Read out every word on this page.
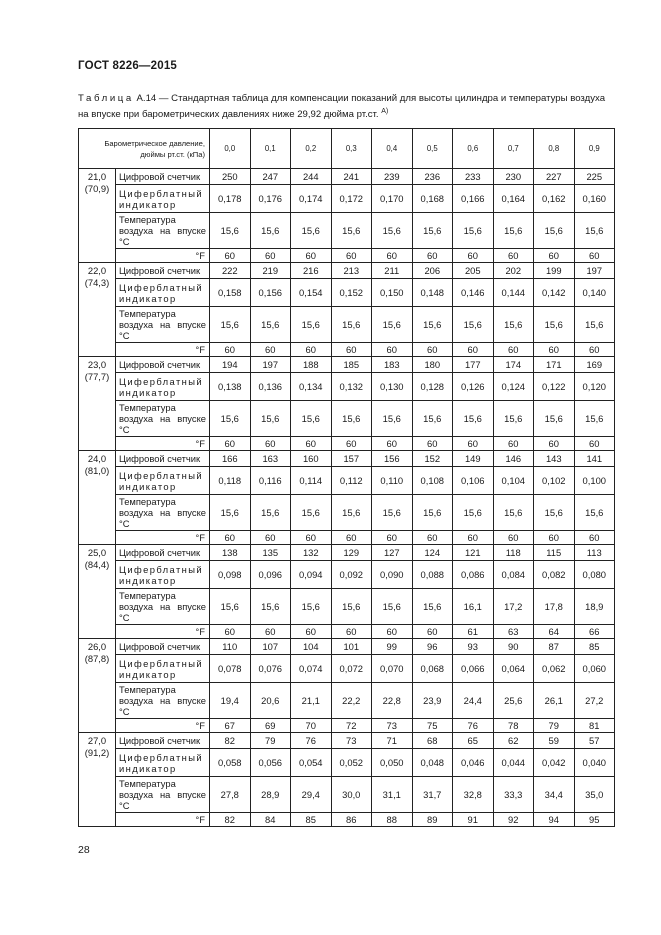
ГОСТ 8226—2015
Таблица А.14 — Стандартная таблица для компенсации показаний для высоты цилиндра и температуры воздуха на впуске при барометрических давлениях ниже 29,92 дюйма рт.ст. $^{А)}$
Барометрическое давление, дюймы рт.ст. (кПа)		0,0	0,1	0,2	0,3	0,4	0,5	0,6	0,7	0,8	0,9

21,0
(70,9)	Цифровой счетчик	250	247	244	241	239	236	233	230	227	225
	Циферблатный индикатор	0,178	0,176	0,174	0,172	0,170	0,168	0,166	0,164	0,162	0,160
	Температура воздуха на впуске °С	15,6	15,6	15,6	15,6	15,6	15,6	15,6	15,6	15,6	15,6
	°F	60	60	60	60	60	60	60	60	60	60

22,0
(74,3)	Цифровой счетчик	222	219	216	213	211	206	205	202	199	197
	Циферблатный индикатор	0,158	0,156	0,154	0,152	0,150	0,148	0,146	0,144	0,142	0,140
	Температура воздуха на впуске °С	15,6	15,6	15,6	15,6	15,6	15,6	15,6	15,6	15,6	15,6
	°F	60	60	60	60	60	60	60	60	60	60

23,0
(77,7)	Цифровой счетчик	194	197	188	185	183	180	177	174	171	169
	Циферблатный индикатор	0,138	0,136	0,134	0,132	0,130	0,128	0,126	0,124	0,122	0,120
	Температура воздуха на впуске °С	15,6	15,6	15,6	15,6	15,6	15,6	15,6	15,6	15,6	15,6
	°F	60	60	60	60	60	60	60	60	60	60

24,0
(81,0)	Цифровой счетчик	166	163	160	157	156	152	149	146	143	141
	Циферблатный индикатор	0,118	0,116	0,114	0,112	0,110	0,108	0,106	0,104	0,102	0,100
	Температура воздуха на впуске °С	15,6	15,6	15,6	15,6	15,6	15,6	15,6	15,6	15,6	15,6
	°F	60	60	60	60	60	60	60	60	60	60

25,0
(84,4)	Цифровой счетчик	138	135	132	129	127	124	121	118	115	113
	Циферблатный индикатор	0,098	0,096	0,094	0,092	0,090	0,088	0,086	0,084	0,082	0,080
	Температура воздуха на впуске °С	15,6	15,6	15,6	15,6	15,6	15,6	16,1	17,2	17,8	18,9
	°F	60	60	60	60	60	60	61	63	64	66

26,0
(87,8)	Цифровой счетчик	110	107	104	101	99	96	93	90	87	85
	Циферблатный индикатор	0,078	0,076	0,074	0,072	0,070	0,068	0,066	0,064	0,062	0,060
	Температура воздуха на впуске °С	19,4	20,6	21,1	22,2	22,8	23,9	24,4	25,6	26,1	27,2
	°F	67	69	70	72	73	75	76	78	79	81

27,0
(91,2)	Цифровой счетчик	82	79	76	73	71	68	65	62	59	57
	Циферблатный индикатор	0,058	0,056	0,054	0,052	0,050	0,048	0,046	0,044	0,042	0,040
	Температура воздуха на впуске °С	27,8	28,9	29,4	30,0	31,1	31,7	32,8	33,3	34,4	35,0
	°F	82	84	85	86	88	89	91	92	94	95
28
